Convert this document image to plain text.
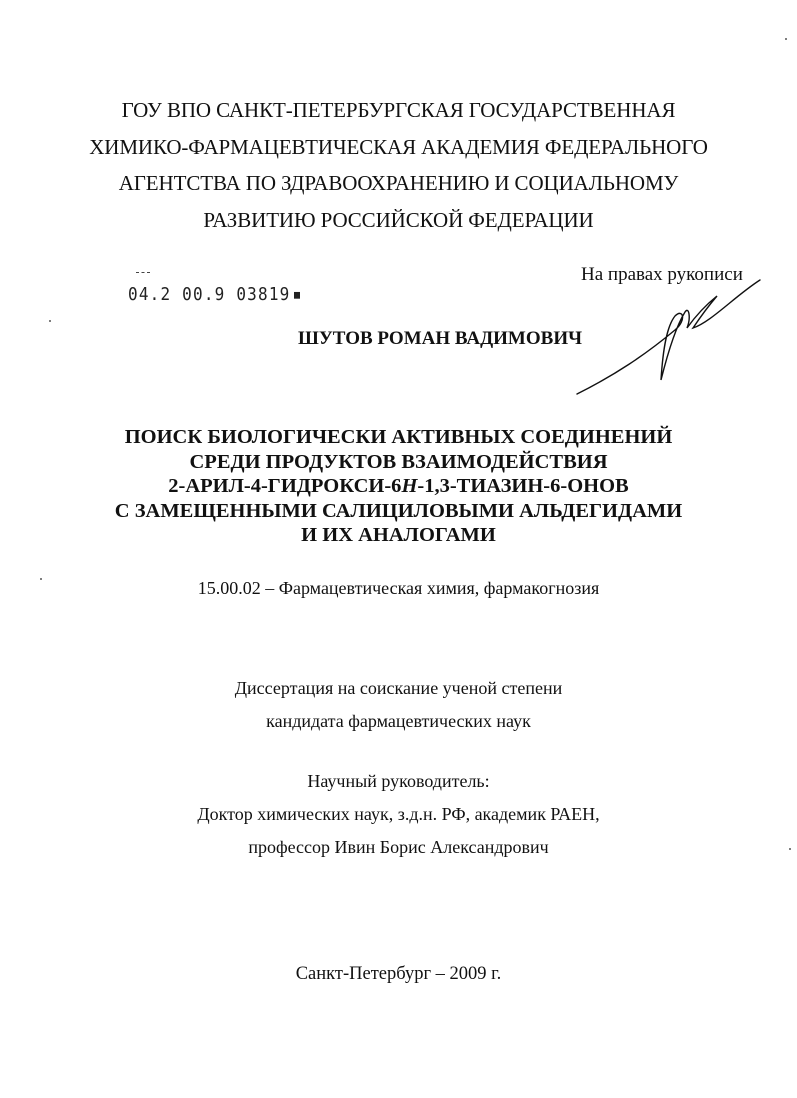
ГОУ ВПО САНКТ-ПЕТЕРБУРГСКАЯ ГОСУДАРСТВЕННАЯ
ХИМИКО-ФАРМАЦЕВТИЧЕСКАЯ АКАДЕМИЯ ФЕДЕРАЛЬНОГО
АГЕНТСТВА ПО ЗДРАВООХРАНЕНИЮ И СОЦИАЛЬНОМУ
РАЗВИТИЮ РОССИЙСКОЙ ФЕДЕРАЦИИ
04.2 00.9 03819
На правах рукописи
ШУТОВ РОМАН ВАДИМОВИЧ
ПОИСК БИОЛОГИЧЕСКИ АКТИВНЫХ СОЕДИНЕНИЙ
СРЕДИ ПРОДУКТОВ ВЗАИМОДЕЙСТВИЯ
2-АРИЛ-4-ГИДРОКСИ-6Н-1,3-ТИАЗИН-6-ОНОВ
С ЗАМЕЩЕННЫМИ САЛИЦИЛОВЫМИ АЛЬДЕГИДАМИ
И ИХ АНАЛОГАМИ
15.00.02 – Фармацевтическая химия, фармакогнозия
Диссертация на соискание ученой степени
кандидата фармацевтических наук
Научный руководитель:
Доктор химических наук, з.д.н. РФ, академик РАЕН,
профессор Ивин Борис Александрович
Санкт-Петербург – 2009 г.
